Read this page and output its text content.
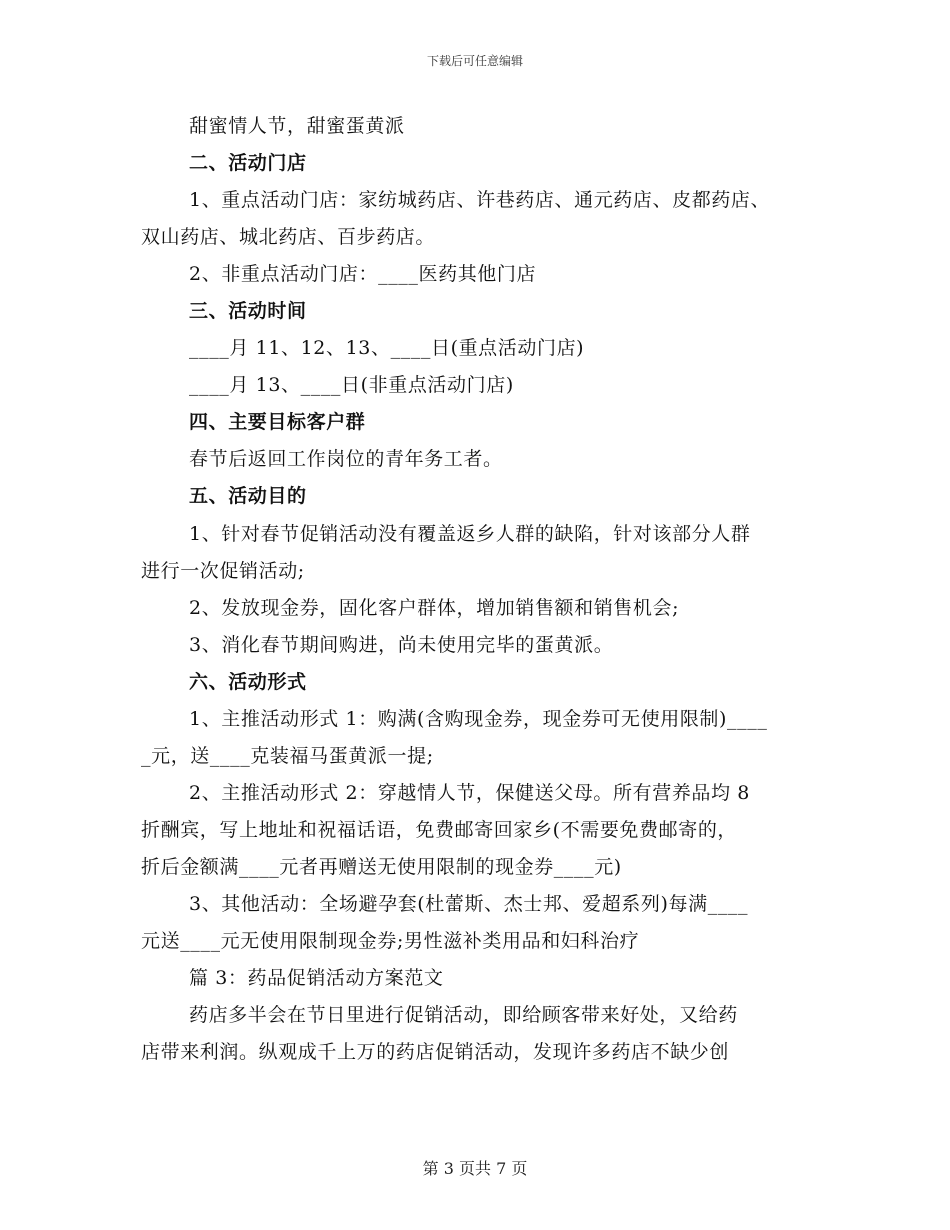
下载后可任意编辑
甜蜜情人节，甜蜜蛋黄派
二、活动门店
1、重点活动门店：家纺城药店、许巷药店、通元药店、皮都药店、
双山药店、城北药店、百步药店。
2、非重点活动门店：____医药其他门店
三、活动时间
____月 11、12、13、____日(重点活动门店)
____月 13、____日(非重点活动门店)
四、主要目标客户群
春节后返回工作岗位的青年务工者。
五、活动目的
1、针对春节促销活动没有覆盖返乡人群的缺陷，针对该部分人群
进行一次促销活动;
2、发放现金券，固化客户群体，增加销售额和销售机会;
3、消化春节期间购进，尚未使用完毕的蛋黄派。
六、活动形式
1、主推活动形式 1：购满(含购现金券，现金券可无使用限制)____
_元，送____克装福马蛋黄派一提;
2、主推活动形式 2：穿越情人节，保健送父母。所有营养品均 8
折酬宾，写上地址和祝福话语，免费邮寄回家乡(不需要免费邮寄的，
折后金额满____元者再赠送无使用限制的现金券____元)
3、其他活动：全场避孕套(杜蕾斯、杰士邦、爱超系列)每满____
元送____元无使用限制现金券;男性滋补类用品和妇科治疗
篇 3：药品促销活动方案范文
药店多半会在节日里进行促销活动，即给顾客带来好处，又给药
店带来利润。纵观成千上万的药店促销活动，发现许多药店不缺少创
第 3 页共 7 页
